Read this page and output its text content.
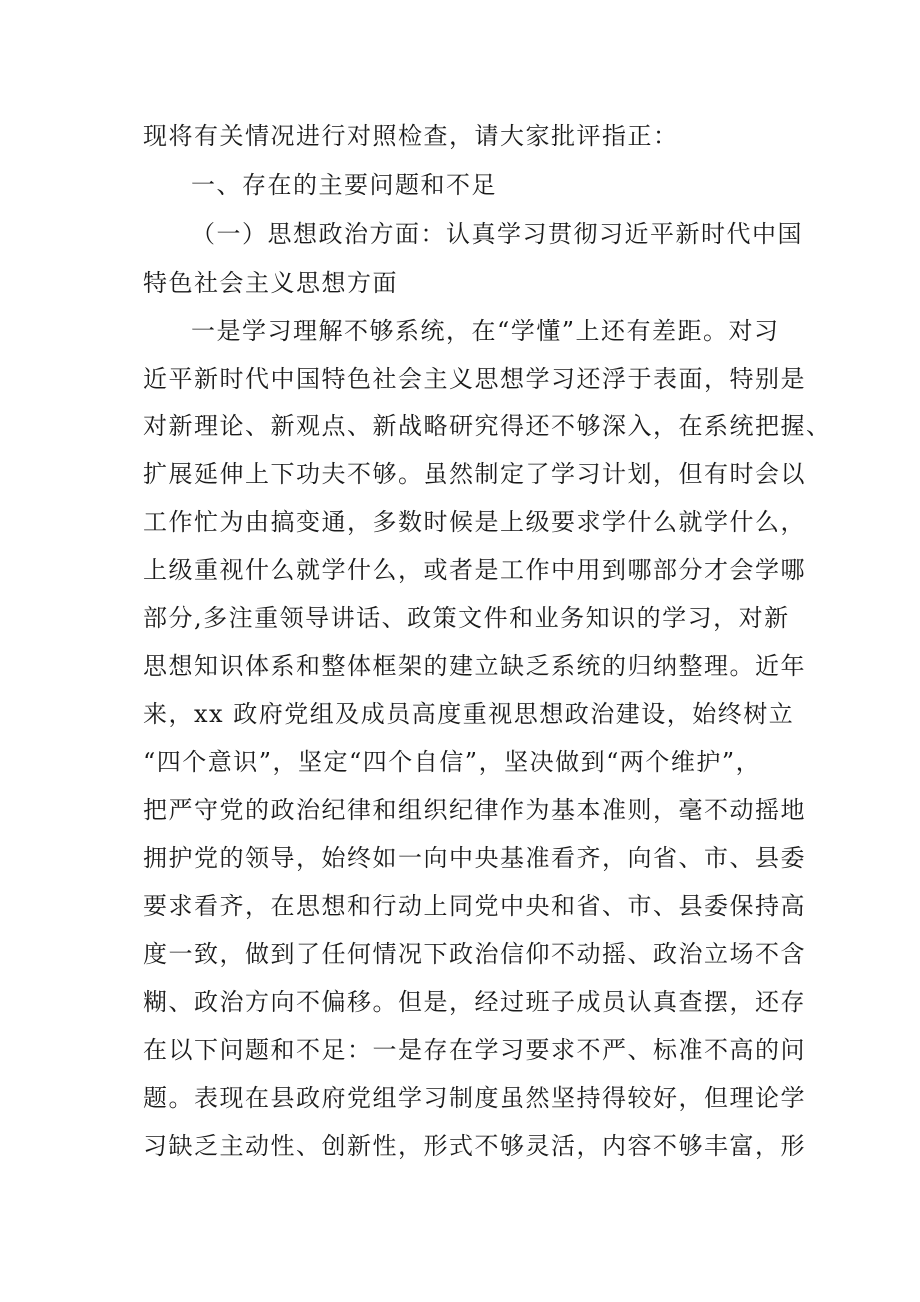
现将有关情况进行对照检查，请大家批评指正：
一、存在的主要问题和不足
（一）思想政治方面：认真学习贯彻习近平新时代中国
特色社会主义思想方面
一是学习理解不够系统，在“学懂”上还有差距。对习
近平新时代中国特色社会主义思想学习还浮于表面，特别是
对新理论、新观点、新战略研究得还不够深入，在系统把握、
扩展延伸上下功夫不够。虽然制定了学习计划，但有时会以
工作忙为由搞变通，多数时候是上级要求学什么就学什么，
上级重视什么就学什么，或者是工作中用到哪部分才会学哪
部分,多注重领导讲话、政策文件和业务知识的学习，对新
思想知识体系和整体框架的建立缺乏系统的归纳整理。近年
来，xx 政府党组及成员高度重视思想政治建设，始终树立
“四个意识”，坚定“四个自信”，坚决做到“两个维护”，
把严守党的政治纪律和组织纪律作为基本准则，毫不动摇地
拥护党的领导，始终如一向中央基准看齐，向省、市、县委
要求看齐，在思想和行动上同党中央和省、市、县委保持高
度一致，做到了任何情况下政治信仰不动摇、政治立场不含
糊、政治方向不偏移。但是，经过班子成员认真查摆，还存
在以下问题和不足：一是存在学习要求不严、标准不高的问
题。表现在县政府党组学习制度虽然坚持得较好，但理论学
习缺乏主动性、创新性，形式不够灵活，内容不够丰富，形
